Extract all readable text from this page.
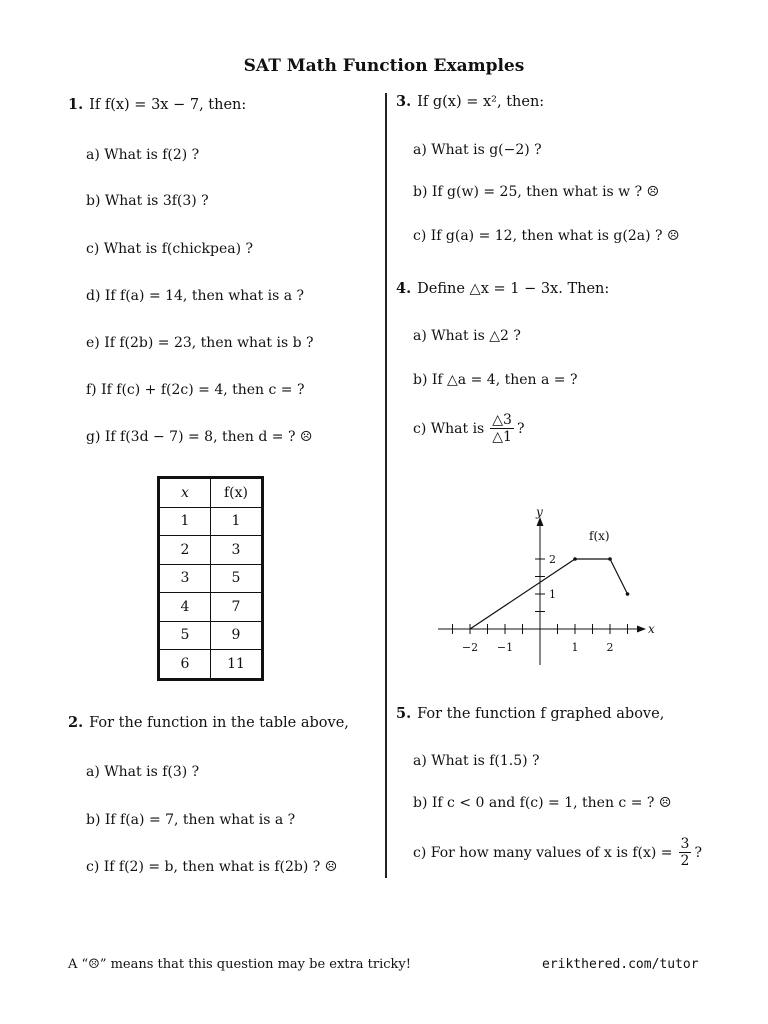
SAT Math Function Examples
1. If f(x) = 3x − 7, then:
a) What is f(2) ?
b) What is 3f(3) ?
c) What is f(chickpea) ?
d) If f(a) = 14, then what is a ?
e) If f(2b) = 23, then what is b ?
f) If f(c) + f(2c) = 4, then c = ?
g) If f(3d − 7) = 8, then d = ? ☹
x	f(x)
1	1
2	3
3	5
4	7
5	9
6	11
2. For the function in the table above,
a) What is f(3) ?
b) If f(a) = 7, then what is a ?
c) If f(2) = b, then what is f(2b) ? ☹
3. If g(x) = x², then:
a) What is g(−2) ?
b) If g(w) = 25, then what is w ? ☹
c) If g(a) = 12, then what is g(2a) ? ☹
4. Define △x = 1 − 3x. Then:
a) What is △2 ?
b) If △a = 4, then a = ?
c) What is
△3
△1
?
−2 −1	1	2
1
2
x
y
f(x)
5. For the function f graphed above,
a) What is f(1.5) ?
b) If c < 0 and f(c) = 1, then c = ? ☹
c) For how many values of x is f(x) =
3
2
?
A “☹” means that this question may be extra tricky!	erikthered.com/tutor
